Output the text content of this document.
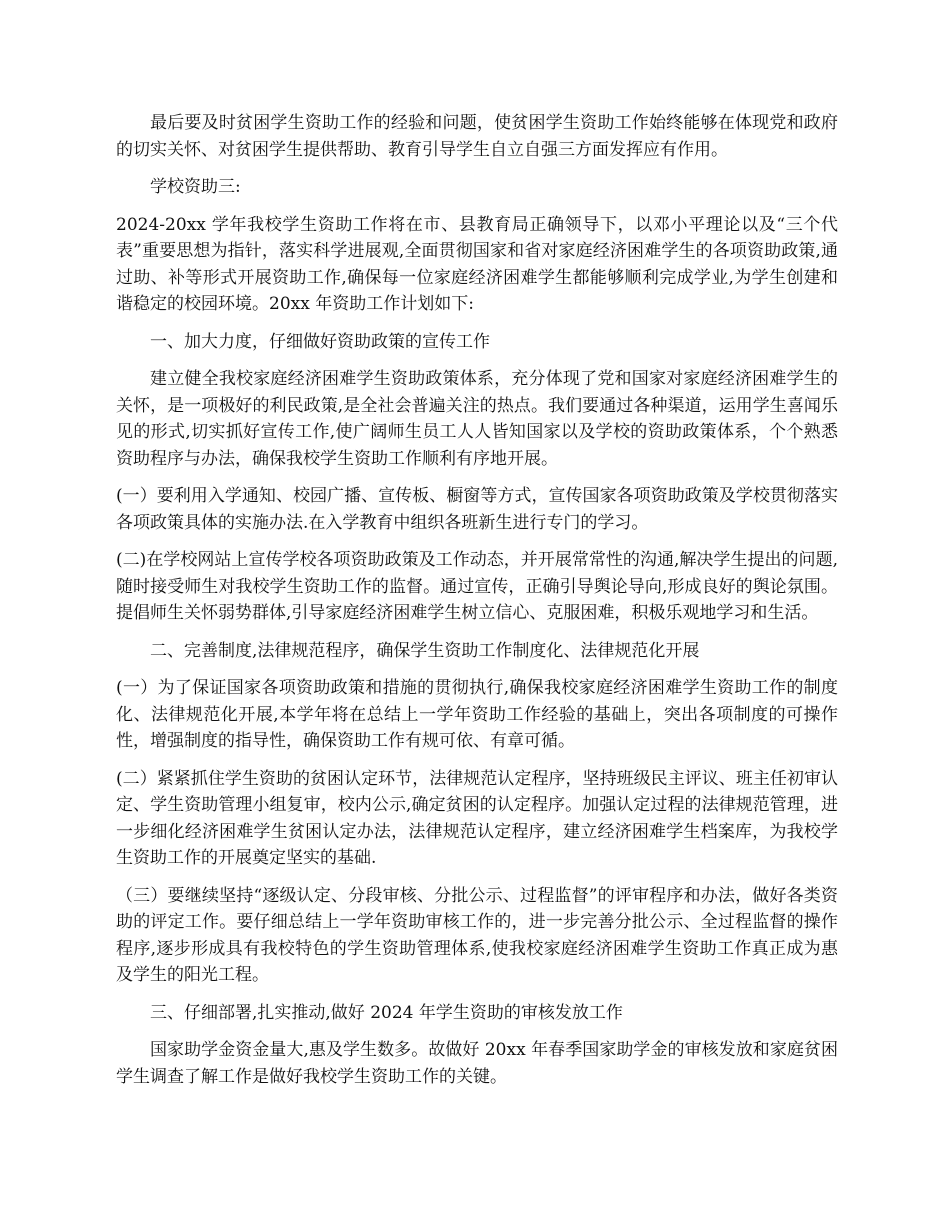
最后要及时贫困学生资助工作的经验和问题，使贫困学生资助工作始终能够在体现党和政府的切实关怀、对贫困学生提供帮助、教育引导学生自立自强三方面发挥应有作用。

学校资助三:

2024-20xx 学年我校学生资助工作将在市、县教育局正确领导下，以邓小平理论以及“三个代表”重要思想为指针，落实科学进展观,全面贯彻国家和省对家庭经济困难学生的各项资助政策,通过助、补等形式开展资助工作,确保每一位家庭经济困难学生都能够顺利完成学业,为学生创建和谐稳定的校园环境。20xx 年资助工作计划如下:

一、加大力度，仔细做好资助政策的宣传工作

建立健全我校家庭经济困难学生资助政策体系，充分体现了党和国家对家庭经济困难学生的关怀，是一项极好的利民政策,是全社会普遍关注的热点。我们要通过各种渠道，运用学生喜闻乐见的形式,切实抓好宣传工作,使广阔师生员工人人皆知国家以及学校的资助政策体系，个个熟悉资助程序与办法，确保我校学生资助工作顺利有序地开展。

(一）要利用入学通知、校园广播、宣传板、橱窗等方式，宣传国家各项资助政策及学校贯彻落实各项政策具体的实施办法.在入学教育中组织各班新生进行专门的学习。

(二)在学校网站上宣传学校各项资助政策及工作动态，并开展常常性的沟通,解决学生提出的问题,随时接受师生对我校学生资助工作的监督。通过宣传，正确引导舆论导向,形成良好的舆论氛围。提倡师生关怀弱势群体,引导家庭经济困难学生树立信心、克服困难，积极乐观地学习和生活。

二、完善制度,法律规范程序，确保学生资助工作制度化、法律规范化开展

(一）为了保证国家各项资助政策和措施的贯彻执行,确保我校家庭经济困难学生资助工作的制度化、法律规范化开展,本学年将在总结上一学年资助工作经验的基础上，突出各项制度的可操作性，增强制度的指导性，确保资助工作有规可依、有章可循。

(二）紧紧抓住学生资助的贫困认定环节，法律规范认定程序，坚持班级民主评议、班主任初审认定、学生资助管理小组复审，校内公示,确定贫困的认定程序。加强认定过程的法律规范管理，进一步细化经济困难学生贫困认定办法，法律规范认定程序，建立经济困难学生档案库，为我校学生资助工作的开展奠定坚实的基础.

（三）要继续坚持“逐级认定、分段审核、分批公示、过程监督”的评审程序和办法，做好各类资助的评定工作。要仔细总结上一学年资助审核工作的，进一步完善分批公示、全过程监督的操作程序,逐步形成具有我校特色的学生资助管理体系,使我校家庭经济困难学生资助工作真正成为惠及学生的阳光工程。

三、仔细部署,扎实推动,做好 2024 年学生资助的审核发放工作

国家助学金资金量大,惠及学生数多。故做好 20xx 年春季国家助学金的审核发放和家庭贫困学生调查了解工作是做好我校学生资助工作的关键。
